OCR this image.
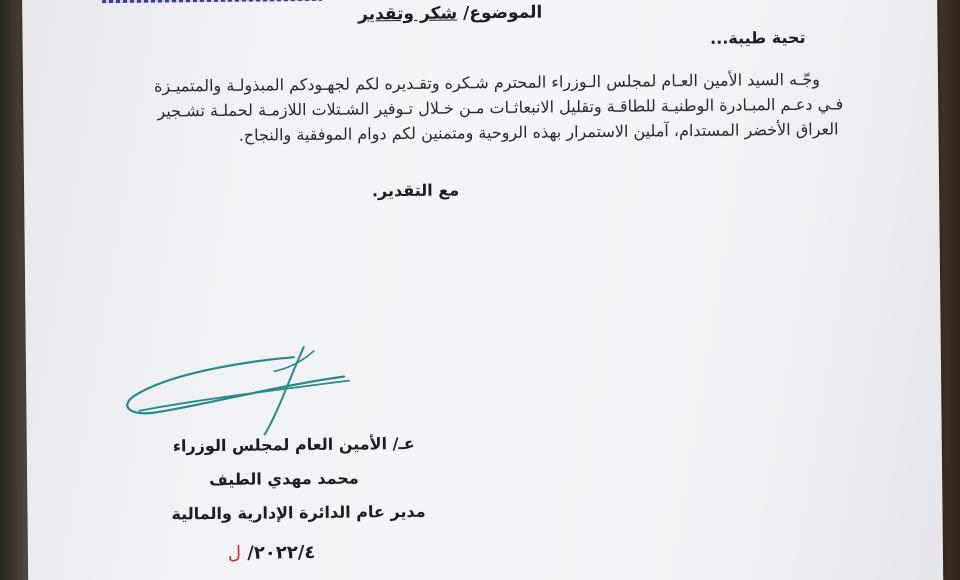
الموضوع/ شكر وتقدير
تحية طيبة...
وجّـه السيد الأمين العـام لمجلس الـوزراء المحترم شـكره وتقـديره لكم لجهـودكم المبذولـة والمتميـزة
فـي دعـم المبـادرة الوطنيـة للطاقـة وتقليل الانبعاثـات مـن خـلال تـوفير الشـتلات اللازمـة لحملـة تشـجير
العراق الأخضر المستدام، آملين الاستمرار بهذه الروحية ومتمنين لكم دوام الموفقية والنجاح.
مع التقدير.
عـ/ الأمين العام لمجلس الوزراء
محمد مهدي الطيف
مدير عام الدائرة الإدارية والمالية
٢٠٢٢/٤/ ل
